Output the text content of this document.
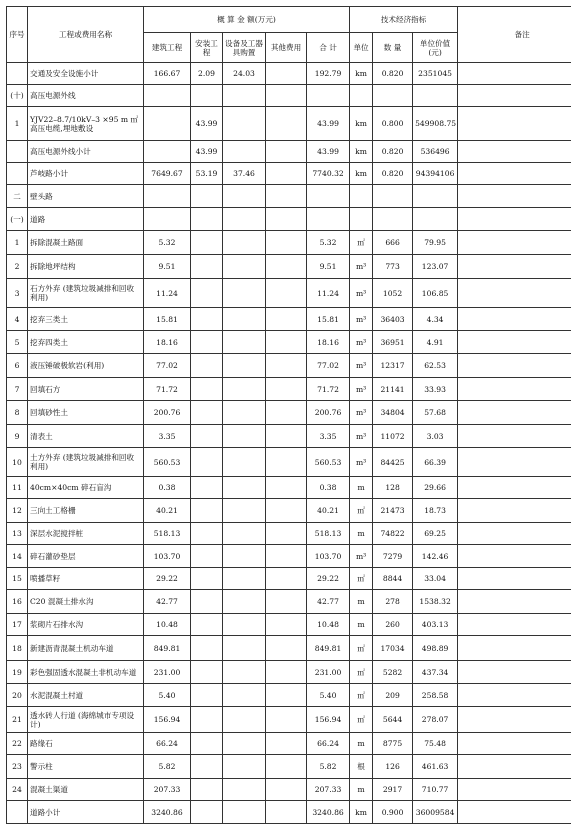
序号	工程或费用名称	概 算 金 额(万元)					技术经济指标			备注
		建筑工程	安装工程	设备及工器具购置	其他费用	合 计	单位	数 量	单位价值(元)	
	交通及安全设施小计	166.67	2.09	24.03		192.79	km	0.820	2351045	
(十)	高压电源外线									
1	YJV22–8.7/10kV–3 ×95 m ㎡ 高压电缆,埋地敷设		43.99			43.99	km	0.800	549908.75	
	高压电源外线小计		43.99			43.99	km	0.820	536496	
	芦岐路小计	7649.67	53.19	37.46		7740.32	km	0.820	94394106	
二	壁头路									
(一)	道路									
1	拆除混凝土路面	5.32				5.32	㎡	666	79.95	
2	拆除地坪结构	9.51				9.51	m³	773	123.07	
3	石方外弃 (建筑垃圾减排和回收利用)	11.24				11.24	m³	1052	106.85	
4	挖弃三类土	15.81				15.81	m³	36403	4.34	
5	挖弃四类土	18.16				18.16	m³	36951	4.91	
6	液压锤破极软岩(利用)	77.02				77.02	m³	12317	62.53	
7	回填石方	71.72				71.72	m³	21141	33.93	
8	回填砂性土	200.76				200.76	m³	34804	57.68	
9	清表土	3.35				3.35	m³	11072	3.03	
10	土方外弃 (建筑垃圾减排和回收利用)	560.53				560.53	m³	84425	66.39	
11	40cm×40cm 碎石盲沟	0.38				0.38	m	128	29.66	
12	三向土工格栅	40.21				40.21	㎡	21473	18.73	
13	深层水泥搅拌桩	518.13				518.13	m	74822	69.25	
14	碎石灌砂垫层	103.70				103.70	m³	7279	142.46	
15	喷播草籽	29.22				29.22	㎡	8844	33.04	
16	C20 混凝土排水沟	42.77				42.77	m	278	1538.32	
17	浆砌片石排水沟	10.48				10.48	m	260	403.13	
18	新建沥青混凝土机动车道	849.81				849.81	㎡	17034	498.89	
19	彩色强固透水混凝土非机动车道	231.00				231.00	㎡	5282	437.34	
20	水泥混凝土村道	5.40				5.40	㎡	209	258.58	
21	透水砖人行道 (海绵城市专项设计)	156.94				156.94	㎡	5644	278.07	
22	路缘石	66.24				66.24	m	8775	75.48	
23	警示柱	5.82				5.82	根	126	461.63	
24	混凝土渠道	207.33				207.33	m	2917	710.77	
	道路小计	3240.86				3240.86	km	0.900	36009584	
